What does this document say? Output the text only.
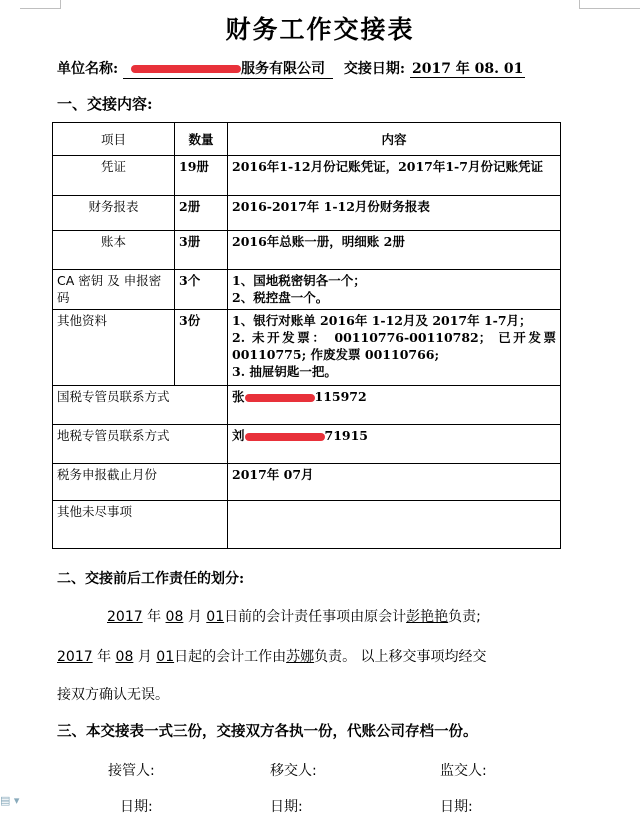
财务工作交接表
单位名称:	服务有限公司 交接日期: 2017 年 08. 01
一、交接内容:
项目	数量	内容
凭证	19册	2016年1-12月份记账凭证，2017年1-7月份记账凭证
财务报表	2册	2016-2017年 1-12月份财务报表
账本	3册	2016年总账一册，明细账 2册
CA 密钥 及 申报密码	3个	1、国地税密钥各一个；
2、税控盘一个。

其他资料	3份	1、银行对账单 2016年 1-12月及 2017年 1-7月；
2. 未开发票： 00110776-00110782； 已开发票 00110775; 作废发票 00110766;
3. 抽屉钥匙一把。

国税专管员联系方式		张 115972
地税专管员联系方式		刘 71915
税务申报截止月份		2017年 07月
其他未尽事项		
二、交接前后工作责任的划分:
2017 年 08 月 01日前的会计责任事项由原会计彭艳艳负责;
2017 年 08 月 01日起的会计工作由苏娜负责。 以上移交事项均经交
接双方确认无误。
三、本交接表一式三份，交接双方各执一份，代账公司存档一份。
接管人:	移交人:	监交人:
日期:	日期:	日期:
▤ ▾
